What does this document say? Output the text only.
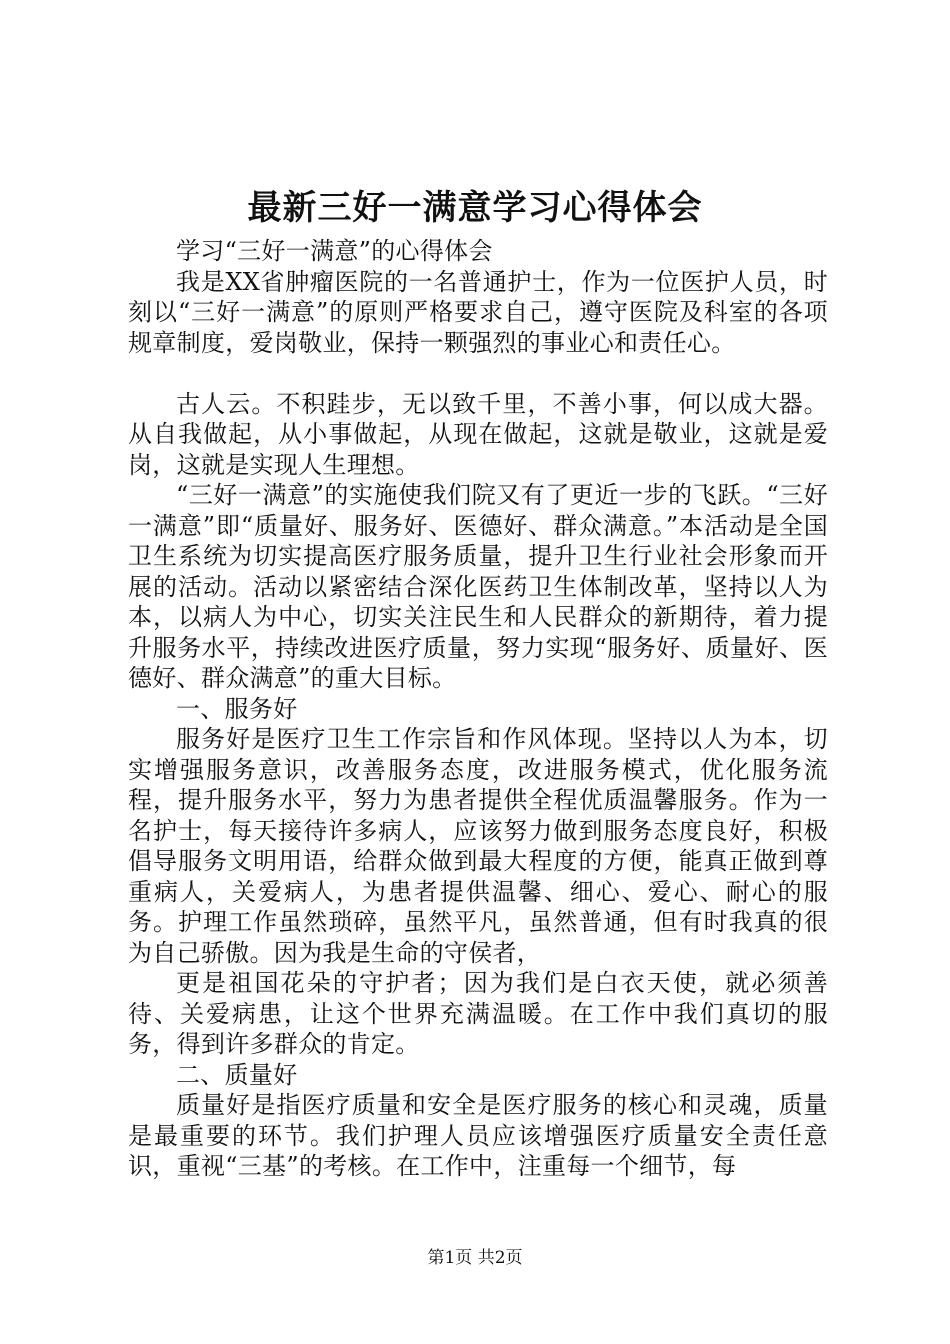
最新三好一满意学习心得体会

学习“三好一满意”的心得体会

我是XX省肿瘤医院的一名普通护士，作为一位医护人员，时刻以“三好一满意”的原则严格要求自己，遵守医院及科室的各项规章制度，爱岗敬业，保持一颗强烈的事业心和责任心。

古人云。不积跬步，无以致千里，不善小事，何以成大器。从自我做起，从小事做起，从现在做起，这就是敬业，这就是爱岗，这就是实现人生理想。

“三好一满意”的实施使我们院又有了更近一步的飞跃。“三好一满意”即“质量好、服务好、医德好、群众满意。”本活动是全国卫生系统为切实提高医疗服务质量，提升卫生行业社会形象而开展的活动。活动以紧密结合深化医药卫生体制改革，坚持以人为本，以病人为中心，切实关注民生和人民群众的新期待，着力提升服务水平，持续改进医疗质量，努力实现“服务好、质量好、医德好、群众满意”的重大目标。

一、服务好

服务好是医疗卫生工作宗旨和作风体现。坚持以人为本，切实增强服务意识，改善服务态度，改进服务模式，优化服务流程，提升服务水平，努力为患者提供全程优质温馨服务。作为一名护士，每天接待许多病人，应该努力做到服务态度良好，积极倡导服务文明用语，给群众做到最大程度的方便，能真正做到尊重病人，关爱病人，为患者提供温馨、细心、爱心、耐心的服务。护理工作虽然琐碎，虽然平凡，虽然普通，但有时我真的很为自己骄傲。因为我是生命的守侯者，

更是祖国花朵的守护者；因为我们是白衣天使，就必须善待、关爱病患，让这个世界充满温暖。在工作中我们真切的服务，得到许多群众的肯定。

二、质量好

质量好是指医疗质量和安全是医疗服务的核心和灵魂，质量是最重要的环节。我们护理人员应该增强医疗质量安全责任意识，重视“三基”的考核。在工作中，注重每一个细节，每

第1页 共2页
